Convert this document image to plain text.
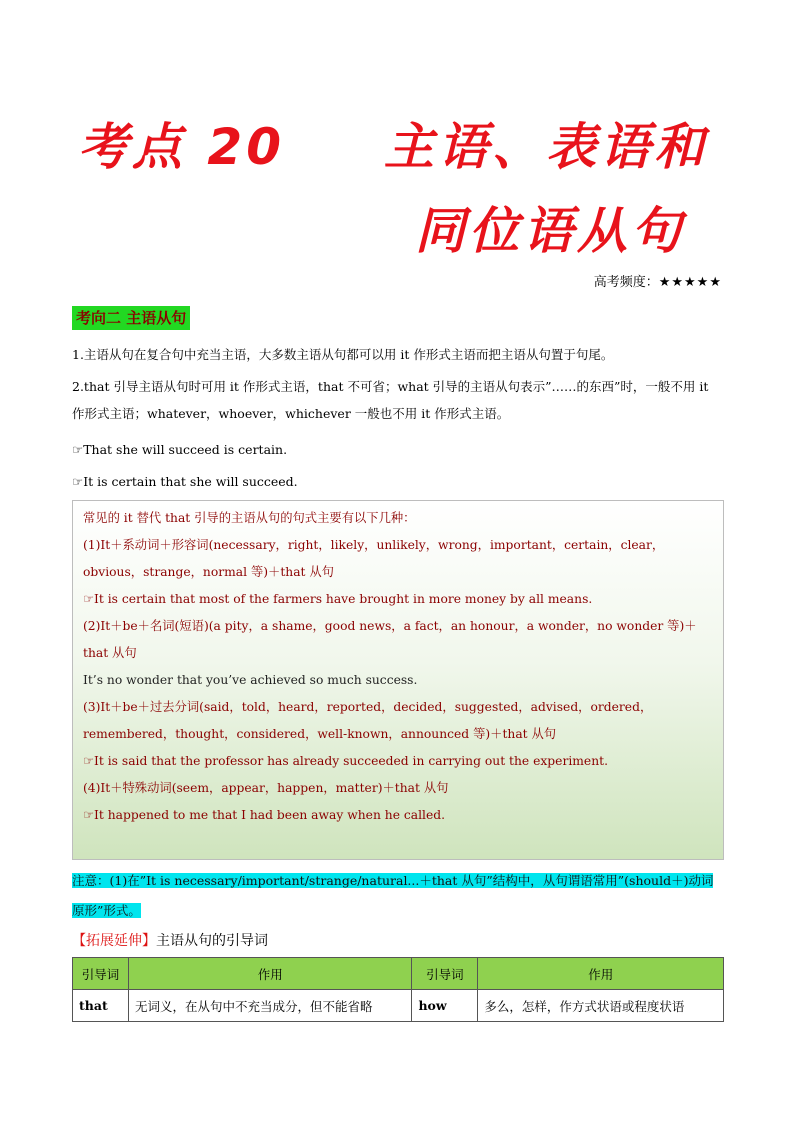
考点 20 主语、表语和
同位语从句
高考频度：★★★★★
考向二 主语从句
1.主语从句在复合句中充当主语，大多数主语从句都可以用 it 作形式主语而把主语从句置于句尾。
2.that 引导主语从句时可用 it 作形式主语，that 不可省；what 引导的主语从句表示”……的东西”时，一般不用 it 作形式主语；whatever，whoever，whichever 一般也不用 it 作形式主语。
☞That she will succeed is certain.
☞It is certain that she will succeed.
常见的 it 替代 that 引导的主语从句的句式主要有以下几种：
(1)It＋系动词＋形容词(necessary，right，likely，unlikely，wrong，important，certain，clear，obvious，strange，normal 等)＋that 从句
☞It is certain that most of the farmers have brought in more money by all means.
(2)It＋be＋名词(短语)(a pity，a shame，good news，a fact，an honour，a wonder，no wonder 等)＋that 从句
It’s no wonder that you’ve achieved so much success.
(3)It＋be＋过去分词(said，told，heard，reported，decided，suggested，advised，ordered，remembered，thought，considered，well-known，announced 等)＋that 从句
☞It is said that the professor has already succeeded in carrying out the experiment.
(4)It＋特殊动词(seem，appear，happen，matter)＋that 从句
☞It happened to me that I had been away when he called.
注意：(1)在”It is necessary/important/strange/natural...＋that 从句”结构中，从句谓语常用”(should＋)动词原形”形式。
【拓展延伸】主语从句的引导词
引导词	作用	引导词	作用
that	无词义，在从句中不充当成分，但不能省略	how	多么，怎样，作方式状语或程度状语
